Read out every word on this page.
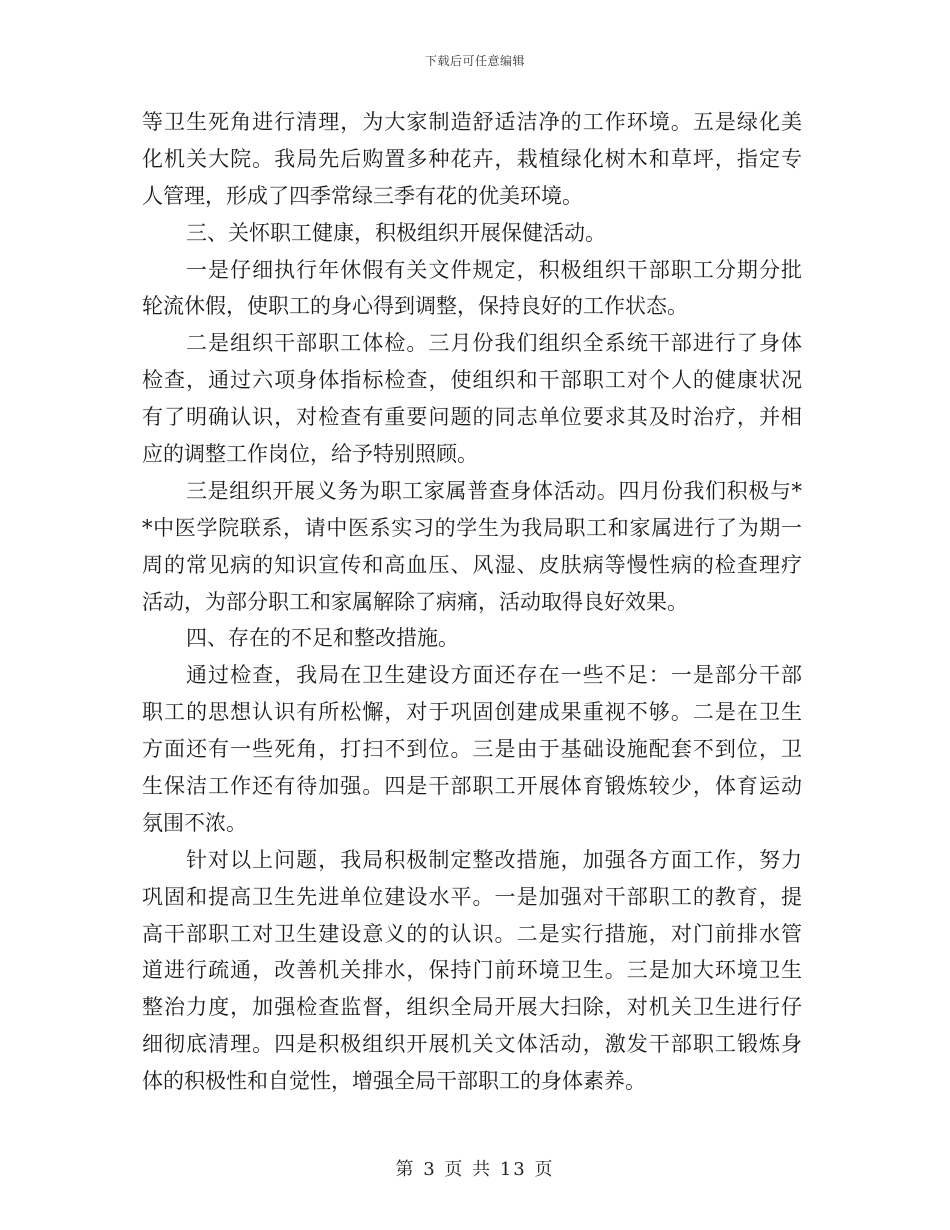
下载后可任意编辑
等卫生死角进行清理，为大家制造舒适洁净的工作环境。五是绿化美
化机关大院。我局先后购置多种花卉，栽植绿化树木和草坪，指定专
人管理，形成了四季常绿三季有花的优美环境。
三、关怀职工健康，积极组织开展保健活动。
一是仔细执行年休假有关文件规定，积极组织干部职工分期分批
轮流休假，使职工的身心得到调整，保持良好的工作状态。
二是组织干部职工体检。三月份我们组织全系统干部进行了身体
检查，通过六项身体指标检查，使组织和干部职工对个人的健康状况
有了明确认识，对检查有重要问题的同志单位要求其及时治疗，并相
应的调整工作岗位，给予特别照顾。
三是组织开展义务为职工家属普查身体活动。四月份我们积极与*
*中医学院联系，请中医系实习的学生为我局职工和家属进行了为期一
周的常见病的知识宣传和高血压、风湿、皮肤病等慢性病的检查理疗
活动，为部分职工和家属解除了病痛，活动取得良好效果。
四、存在的不足和整改措施。
通过检查，我局在卫生建设方面还存在一些不足：一是部分干部
职工的思想认识有所松懈，对于巩固创建成果重视不够。二是在卫生
方面还有一些死角，打扫不到位。三是由于基础设施配套不到位，卫
生保洁工作还有待加强。四是干部职工开展体育锻炼较少，体育运动
氛围不浓。
针对以上问题，我局积极制定整改措施，加强各方面工作，努力
巩固和提高卫生先进单位建设水平。一是加强对干部职工的教育，提
高干部职工对卫生建设意义的的认识。二是实行措施，对门前排水管
道进行疏通，改善机关排水，保持门前环境卫生。三是加大环境卫生
整治力度，加强检查监督，组织全局开展大扫除，对机关卫生进行仔
细彻底清理。四是积极组织开展机关文体活动，激发干部职工锻炼身
体的积极性和自觉性，增强全局干部职工的身体素养。
第 3 页 共 13 页
